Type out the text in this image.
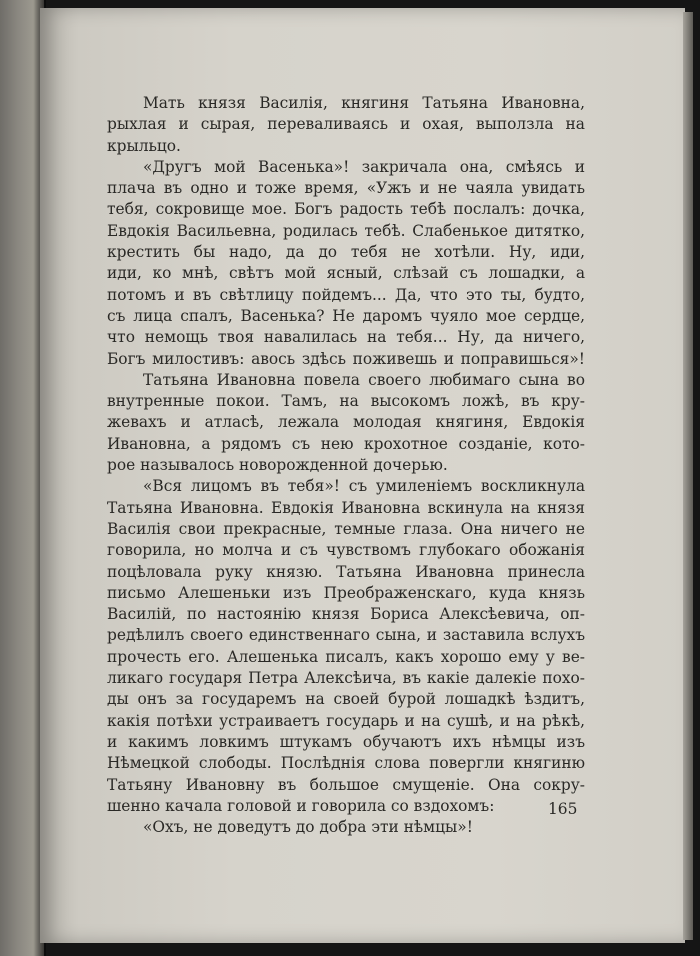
Мать князя Василія, княгиня Татьяна Ивановна,
рыхлая и сырая, переваливаясь и охая, выползла на
крыльцо.
«Другъ мой Васенька»! закричала она, смѣясь и
плача въ одно и тоже время, «Ужъ и не чаяла увидать
тебя, сокровище мое. Богъ радость тебѣ послалъ: дочка,
Евдокія Васильевна, родилась тебѣ. Слабенькое дитятко,
крестить бы надо, да до тебя не хотѣли. Ну, иди,
иди, ко мнѣ, свѣтъ мой ясный, слѣзай съ лошадки, а
потомъ и въ свѣтлицу пойдемъ... Да, что это ты, будто,
съ лица спалъ, Васенька? Не даромъ чуяло мое сердце,
что немощь твоя навалилась на тебя... Ну, да ничего,
Богъ милостивъ: авось здѣсь поживешь и поправишься»!
Татьяна Ивановна повела своего любимаго сына во
внутренные покои. Тамъ, на высокомъ ложѣ, въ кру-
жевахъ и атласѣ, лежала молодая княгиня, Евдокія
Ивановна, а рядомъ съ нею крохотное созданіе, кото-
рое называлось новорожденной дочерью.
«Вся лицомъ въ тебя»! съ умиленіемъ воскликнула
Татьяна Ивановна. Евдокія Ивановна вскинула на князя
Василія свои прекрасные, темные глаза. Она ничего не
говорила, но молча и съ чувствомъ глубокаго обожанія
поцѣловала руку князю. Татьяна Ивановна принесла
письмо Алешеньки изъ Преображенскаго, куда князь
Василій, по настоянію князя Бориса Алексѣевича, оп-
редѣлилъ своего единственнаго сына, и заставила вслухъ
прочесть его. Алешенька писалъ, какъ хорошо ему у ве-
ликаго государя Петра Алексѣича, въ какіе далекіе похо-
ды онъ за государемъ на своей бурой лошадкѣ ѣздитъ,
какія потѣхи устраиваетъ государь и на сушѣ, и на рѣкѣ,
и какимъ ловкимъ штукамъ обучаютъ ихъ нѣмцы изъ
Нѣмецкой слободы. Послѣднія слова повергли княгиню
Татьяну Ивановну въ большое смущеніе. Она сокру-
шенно качала головой и говорила со вздохомъ:
«Охъ, не доведутъ до добра эти нѣмцы»!
165
